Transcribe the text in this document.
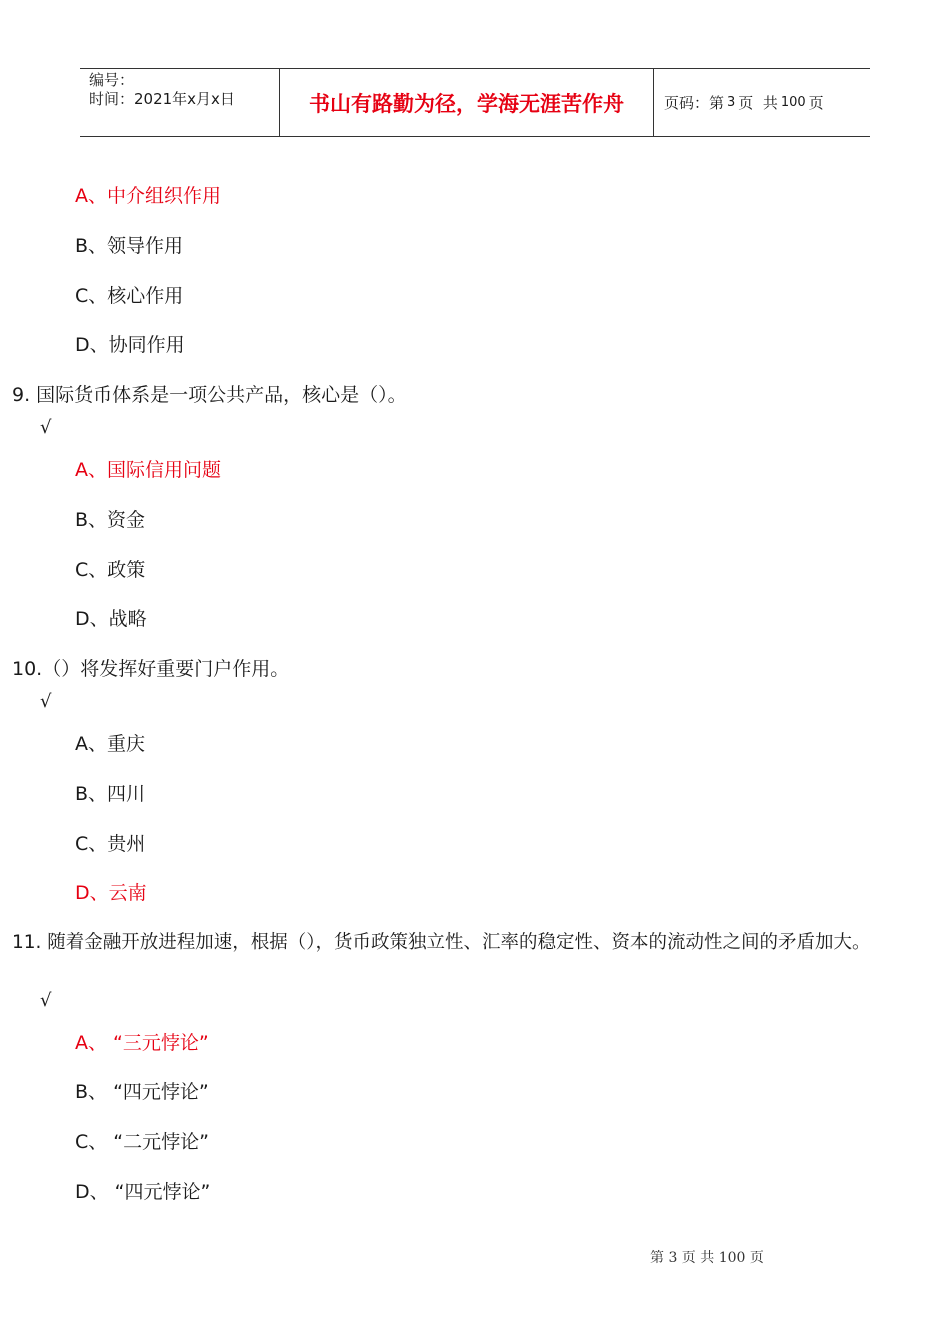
编号：
时间：2021年x月x日	书山有路勤为径，学海无涯苦作舟	页码：第 3 页  共 100 页
A、中介组织作用
B、领导作用
C、核心作用
D、协同作用
9. 国际货币体系是一项公共产品，核心是（）。
√
A、国际信用问题
B、资金
C、政策
D、战略
10.（）将发挥好重要门户作用。
√
A、重庆
B、四川
C、贵州
D、云南
11. 随着金融开放进程加速，根据（），货币政策独立性、汇率的稳定性、资本的流动性之间的矛盾加大。
√
A、 “三元悖论”
B、 “四元悖论”
C、 “二元悖论”
D、 “四元悖论”
第 3 页 共 100 页
